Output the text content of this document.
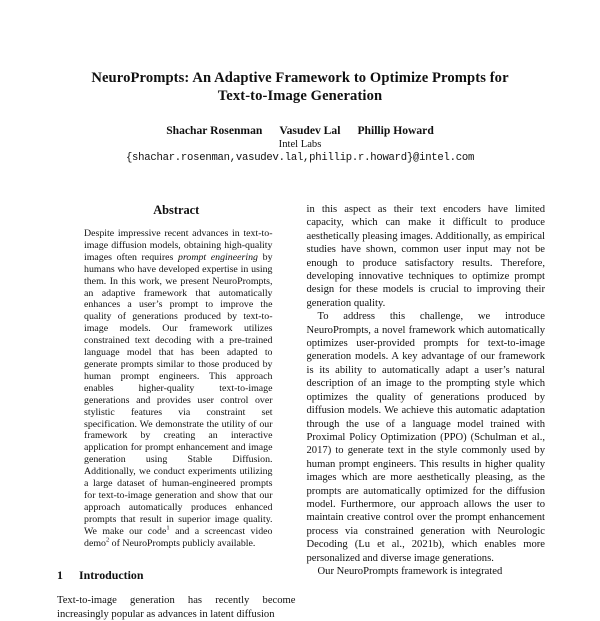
NeuroPrompts: An Adaptive Framework to Optimize Prompts for
Text-to-Image Generation
Shachar Rosenman Vasudev Lal Phillip Howard
Intel Labs
{shachar.rosenman,vasudev.lal,phillip.r.howard}@intel.com
Abstract

Despite impressive recent advances in text-to-image diffusion models, obtaining high-quality images often requires prompt engineering by humans who have developed expertise in using them. In this work, we present NeuroPrompts, an adaptive framework that automatically enhances a user’s prompt to improve the quality of generations produced by text-to-image models. Our framework utilizes constrained text decoding with a pre-trained language model that has been adapted to generate prompts similar to those produced by human prompt engineers. This approach enables higher-quality text-to-image generations and provides user control over stylistic features via constraint set specification. We demonstrate the utility of our framework by creating an interactive application for prompt enhancement and image generation using Stable Diffusion. Additionally, we conduct experiments utilizing a large dataset of human-engineered prompts for text-to-image generation and show that our approach automatically produces enhanced prompts that result in superior image quality. We make our code$^1$ and a screencast video demo$^2$ of NeuroPrompts publicly available.

1 Introduction

Text-to-image generation has recently become increasingly popular as advances in latent diffusion

in this aspect as their text encoders have limited capacity, which can make it difficult to produce aesthetically pleasing images. Additionally, as empirical studies have shown, common user input may not be enough to produce satisfactory results. Therefore, developing innovative techniques to optimize prompt design for these models is crucial to improving their generation quality.

To address this challenge, we introduce NeuroPrompts, a novel framework which automatically optimizes user-provided prompts for text-to-image generation models. A key advantage of our framework is its ability to automatically adapt a user’s natural description of an image to the prompting style which optimizes the quality of generations produced by diffusion models. We achieve this automatic adaptation through the use of a language model trained with Proximal Policy Optimization (PPO) (Schulman et al., 2017) to generate text in the style commonly used by human prompt engineers. This results in higher quality images which are more aesthetically pleasing, as the prompts are automatically optimized for the diffusion model. Furthermore, our approach allows the user to maintain creative control over the prompt enhancement process via constrained generation with Neurologic Decoding (Lu et al., 2021b), which enables more personalized and diverse image generations.

Our NeuroPrompts framework is integrated
